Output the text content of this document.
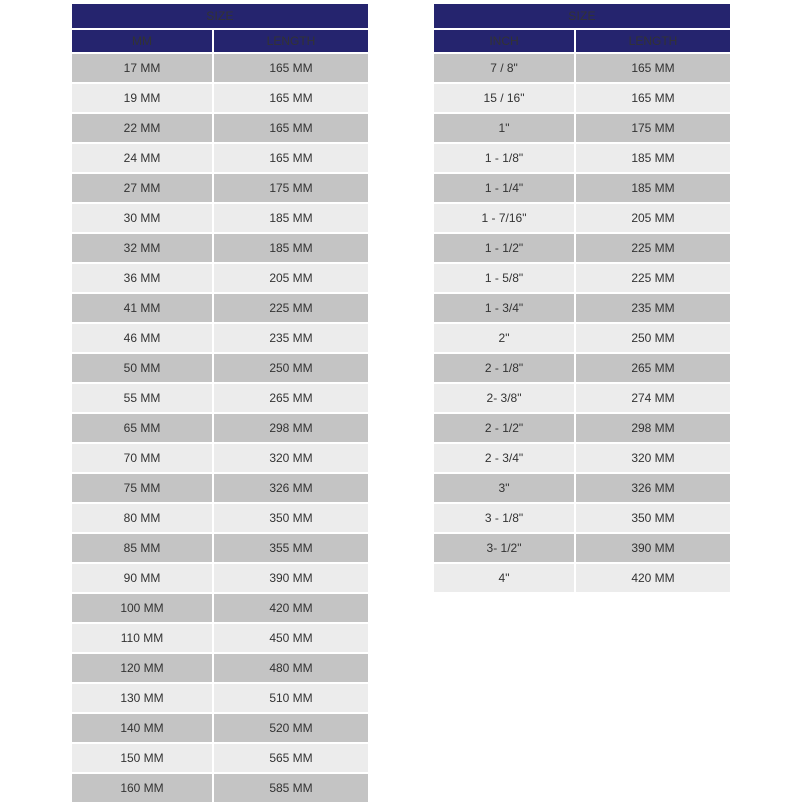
SIZE	

MM	LENGTH

17 MM	165 MM

19 MM	165 MM

22 MM	165 MM

24 MM	165 MM

27 MM	175 MM

30 MM	185 MM

32 MM	185 MM

36 MM	205 MM

41 MM	225 MM

46 MM	235 MM

50 MM	250 MM

55 MM	265 MM

65 MM	298 MM

70 MM	320 MM

75 MM	326 MM

80 MM	350 MM

85 MM	355 MM

90 MM	390 MM

100 MM	420 MM

110 MM	450 MM

120 MM	480 MM

130 MM	510 MM

140 MM	520 MM

150 MM	565 MM

160 MM	585 MM
SIZE	

INCH	LENGTH

7 / 8"	165 MM

15 / 16"	165 MM

1"	175 MM

1 - 1/8"	185 MM

1 - 1/4"	185 MM

1 - 7/16"	205 MM

1 - 1/2"	225 MM

1 - 5/8"	225 MM

1 - 3/4"	235 MM

2"	250 MM

2 - 1/8"	265 MM

2- 3/8"	274 MM

2 - 1/2"	298 MM

2 - 3/4"	320 MM

3"	326 MM

3 - 1/8"	350 MM

3- 1/2"	390 MM

4"	420 MM
